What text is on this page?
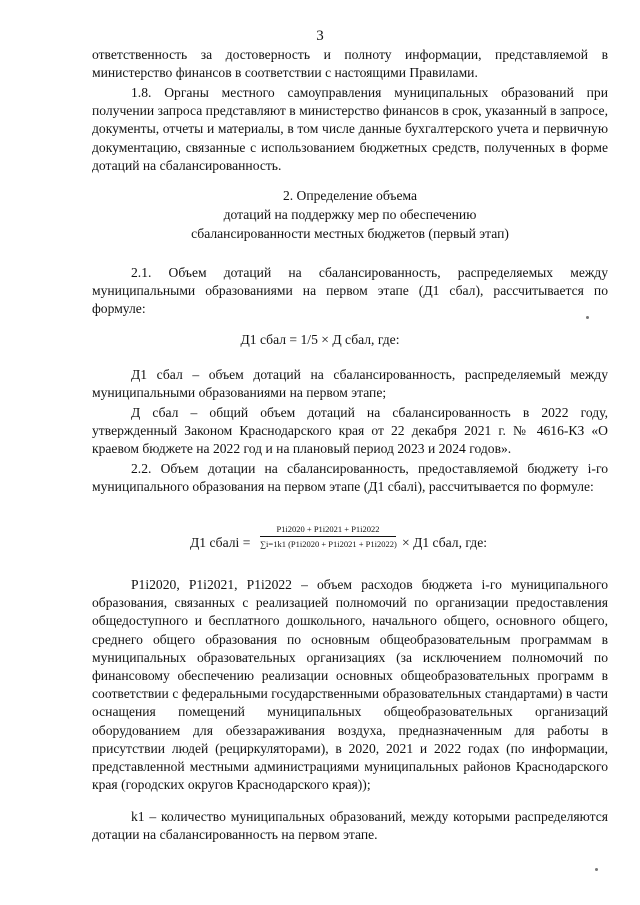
3

ответственность за достоверность и полноту информации, представляемой в министерство финансов в соответствии с настоящими Правилами.

1.8. Органы местного самоуправления муниципальных образований при получении запроса представляют в министерство финансов в срок, указанный в запросе, документы, отчеты и материалы, в том числе данные бухгалтерского учета и первичную документацию, связанные с использованием бюджетных средств, полученных в форме дотаций на сбалансированность.

2. Определение объема
дотаций на поддержку мер по обеспечению
сбалансированности местных бюджетов (первый этап)

2.1. Объем дотаций на сбалансированность, распределяемых между муниципальными образованиями на первом этапе (Д1 сбал), рассчитывается по формуле:

Д1 сбал = 1/5 × Д сбал, где:

Д1 сбал – объем дотаций на сбалансированность, распределяемый между муниципальными образованиями на первом этапе;

Д сбал – общий объем дотаций на сбалансированность в 2022 году, утвержденный Законом Краснодарского края от 22 декабря 2021 г. № 4616-КЗ «О краевом бюджете на 2022 год и на плановый период 2023 и 2024 годов».

2.2. Объем дотации на сбалансированность, предоставляемой бюджету i-го муниципального образования на первом этапе (Д1 сбалi), рассчитывается по формуле:

Д1 сбалi =
Р1i2020 + Р1i2021 + Р1i2022
∑i=1k1 (Р1i2020 + Р1i2021 + Р1i2022) × Д1 сбал, где:

Р1i2020, Р1i2021, Р1i2022 – объем расходов бюджета i-го муниципального образования, связанных с реализацией полномочий по организации предоставления общедоступного и бесплатного дошкольного, начального общего, основного общего, среднего общего образования по основным общеобразовательным программам в муниципальных образовательных организациях (за исключением полномочий по финансовому обеспечению реализации основных общеобразовательных программ в соответствии с федеральными государственными образовательных стандартами) в части оснащения помещений муниципальных общеобразовательных организаций оборудованием для обеззараживания воздуха, предназначенным для работы в присутствии людей (рециркуляторами), в 2020, 2021 и 2022 годах (по информации, представленной местными администрациями муниципальных районов Краснодарского края (городских округов Краснодарского края));

k1 – количество муниципальных образований, между которыми распределяются дотации на сбалансированность на первом этапе.
